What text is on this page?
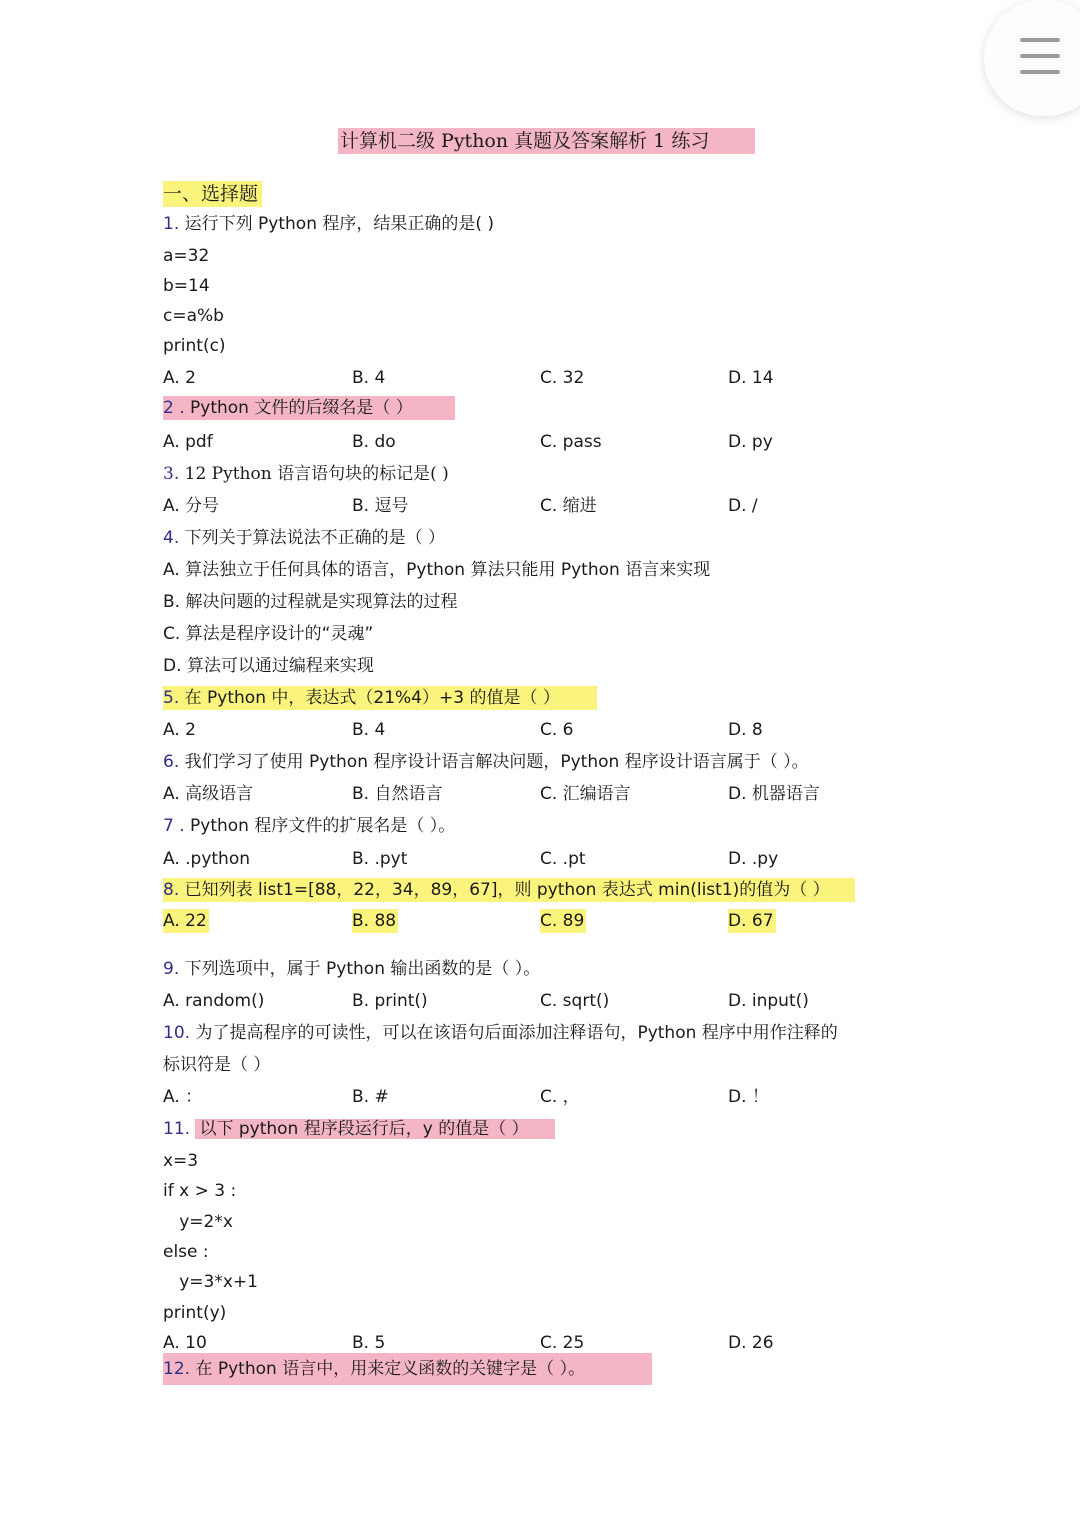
计算机二级 Python 真题及答案解析 1 练习
一、选择题
1. 运行下列 Python 程序，结果正确的是( )
a=32
b=14
c=a%b
print(c)
A. 2	B. 4	C. 32	D. 14
2 . Python 文件的后缀名是（ ）
A. pdf	B. do	C. pass	D. py
3. 12 Python 语言语句块的标记是( )
A. 分号	B. 逗号	C. 缩进	D. /
4. 下列关于算法说法不正确的是（ ）
A. 算法独立于任何具体的语言，Python 算法只能用 Python 语言来实现
B. 解决问题的过程就是实现算法的过程
C. 算法是程序设计的“灵魂”
D. 算法可以通过编程来实现
5. 在 Python 中，表达式（21%4）+3 的值是（ ）
A. 2	B. 4	C. 6	D. 8
6. 我们学习了使用 Python 程序设计语言解决问题，Python 程序设计语言属于（ ）。
A. 高级语言	B. 自然语言	C. 汇编语言	D. 机器语言
7 . Python 程序文件的扩展名是（ ）。
A. .python	B. .pyt	C. .pt	D. .py
8. 已知列表 list1=[88，22，34，89，67]，则 python 表达式 min(list1)的值为（ ）
A. 22	B. 88	C. 89	D. 67
9. 下列选项中，属于 Python 输出函数的是（ ）。
A. random()	B. print()	C. sqrt()	D. input()
10. 为了提高程序的可读性，可以在该语句后面添加注释语句，Python 程序中用作注释的
标识符是（ ）
A. ：	B. #	C. ，	D. ！
11. 以下 python 程序段运行后，y 的值是（ ）
x=3
if x > 3 :
y=2*x
else :
y=3*x+1
print(y)
A. 10	B. 5	C. 25	D. 26
12. 在 Python 语言中，用来定义函数的关键字是（ ）。
